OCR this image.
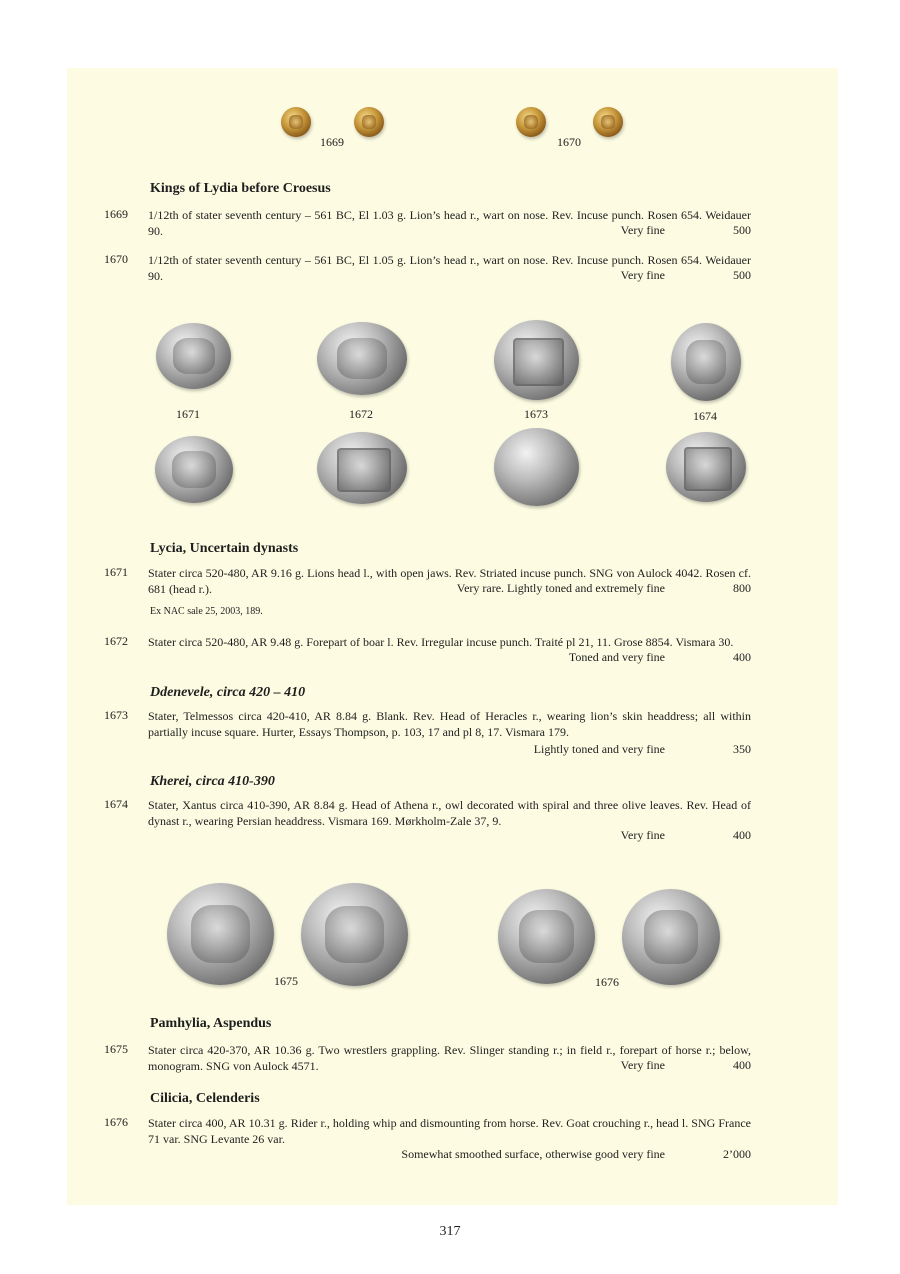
1669	1670
Kings of Lydia before Croesus
1669 1/12th of stater seventh century – 561 BC, El 1.03 g. Lion’s head r., wart on nose. Rev. Incuse punch. Rosen 654. Weidauer 90.	Very fine	500
1670 1/12th of stater seventh century – 561 BC, El 1.05 g. Lion’s head r., wart on nose. Rev. Incuse punch. Rosen 654. Weidauer 90.	Very fine	500
1671	1672	1673	1674
Lycia, Uncertain dynasts
1671 Stater circa 520-480, AR 9.16 g. Lions head l., with open jaws. Rev. Striated incuse punch. SNG von Aulock 4042. Rosen cf. 681 (head r.).	Very rare. Lightly toned and extremely fine	800
Ex NAC sale 25, 2003, 189.
1672 Stater circa 520-480, AR 9.48 g. Forepart of boar l. Rev. Irregular incuse punch. Traité pl 21, 11. Grose 8854. Vismara 30.
Toned and very fine	400
Ddenevele, circa 420 – 410
1673 Stater, Telmessos circa 420-410, AR 8.84 g. Blank. Rev. Head of Heracles r., wearing lion’s skin headdress; all within partially incuse square. Hurter, Essays Thompson, p. 103, 17 and pl 8, 17. Vismara 179.
Lightly toned and very fine	350
Kherei, circa 410-390
1674 Stater, Xantus circa 410-390, AR 8.84 g. Head of Athena r., owl decorated with spiral and three olive leaves. Rev. Head of dynast r., wearing Persian headdress. Vismara 169. Mørkholm-Zale 37, 9.
Very fine	400
1675	1676
Pamhylia, Aspendus
1675 Stater circa 420-370, AR 10.36 g. Two wrestlers grappling. Rev. Slinger standing r.; in field r., forepart of horse r.; below, monogram. SNG von Aulock 4571.	Very fine	400
Cilicia, Celenderis
1676 Stater circa 400, AR 10.31 g. Rider r., holding whip and dismounting from horse. Rev. Goat crouching r., head l. SNG France 71 var. SNG Levante 26 var.
Somewhat smoothed surface, otherwise good very fine	2’000
317
